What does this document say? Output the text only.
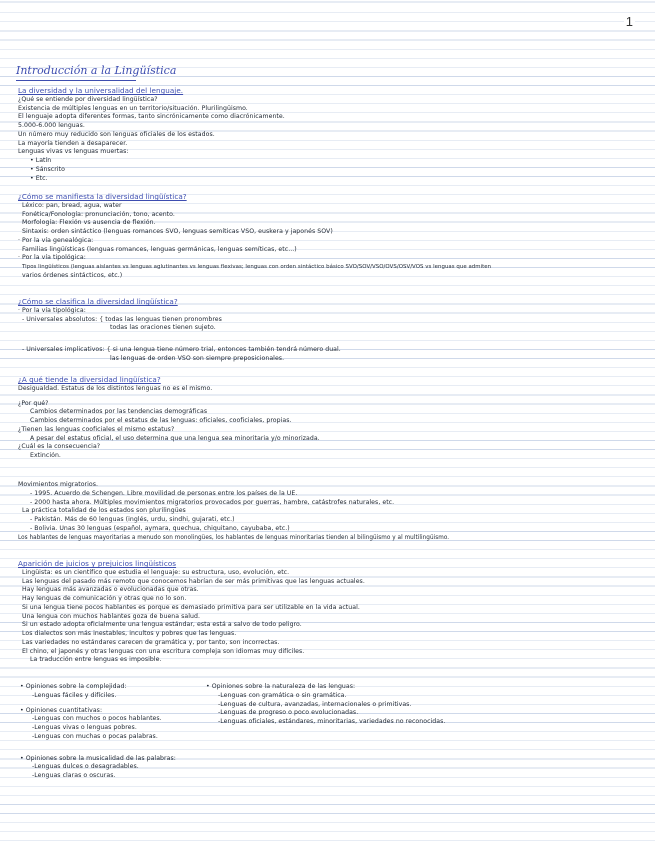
1
Introducción a la Lingüística
La diversidad y la universalidad del lenguaje.
¿Qué se entiende por diversidad lingüística?
Existencia de múltiples lenguas en un territorio/situación. Plurilingüismo.
El lenguaje adopta diferentes formas, tanto sincrónicamente como diacrónicamente.
5.000-6.000 lenguas.
Un número muy reducido son lenguas oficiales de los estados.
La mayoría tienden a desaparecer.
Lenguas vivas vs lenguas muertas:
• Latín
• Sánscrito
• Etc.
¿Cómo se manifiesta la diversidad lingüística?
Léxico: pan, bread, agua, water
Fonética/Fonología: pronunciación, tono, acento.
Morfología: Flexión vs ausencia de flexión.
Sintaxis: orden sintáctico (lenguas romances SVO, lenguas semíticas VSO, euskera y japonés SOV)
· Por la vía genealógica:
Familias lingüísticas (lenguas romances, lenguas germánicas, lenguas semíticas, etc...)
· Por la vía tipológica:
Tipos lingüísticos (lenguas aislantes vs lenguas aglutinantes vs lenguas flexivas; lenguas con orden sintáctico básico SVO/SOV/VSO/OVS/OSV/VOS vs lenguas que admiten
varios órdenes sintácticos, etc.)
¿Cómo se clasifica la diversidad lingüística?
· Por la vía tipológica:
- Universales absolutos: { todas las lenguas tienen pronombres
todas las oraciones tienen sujeto.
- Universales implicativos: { si una lengua tiene número trial, entonces también tendrá número dual.
las lenguas de orden VSO son siempre preposicionales.
¿A qué tiende la diversidad lingüística?
Desigualdad. Estatus de los distintos lenguas no es el mismo.
¿Por qué?
Cambios determinados por las tendencias demográficas
Cambios determinados por el estatus de las lenguas: oficiales, cooficiales, propias.
¿Tienen las lenguas cooficiales el mismo estatus?
A pesar del estatus oficial, el uso determina que una lengua sea minoritaria y/o minorizada.
¿Cuál es la consecuencia?
Extinción.
Movimientos migratorios.
- 1995. Acuerdo de Schengen. Libre movilidad de personas entre los países de la UE.
- 2000 hasta ahora. Múltiples movimientos migratorios provocados por guerras, hambre, catástrofes naturales, etc.
La práctica totalidad de los estados son plurilingües
- Pakistán. Más de 60 lenguas (inglés, urdu, sindhi, gujarati, etc.)
- Bolivia. Unas 30 lenguas (español, aymara, quechua, chiquitano, cayubaba, etc.)
Los hablantes de lenguas mayoritarias a menudo son monolingües, los hablantes de lenguas minoritarias tienden al bilingüismo y al multilingüismo.
Aparición de juicios y prejuicios lingüísticos
Lingüista: es un científico que estudia el lenguaje: su estructura, uso, evolución, etc.
Las lenguas del pasado más remoto que conocemos habrían de ser más primitivas que las lenguas actuales.
Hay lenguas más avanzadas o evolucionadas que otras.
Hay lenguas de comunicación y otras que no lo son.
Si una lengua tiene pocos hablantes es porque es demasiado primitiva para ser utilizable en la vida actual.
Una lengua con muchos hablantes goza de buena salud.
Si un estado adopta oficialmente una lengua estándar, esta está a salvo de todo peligro.
Los dialectos son más inestables, incultos y pobres que las lenguas.
Las variedades no estándares carecen de gramática y, por tanto, son incorrectas.
El chino, el japonés y otras lenguas con una escritura compleja son idiomas muy difíciles.
La traducción entre lenguas es imposible.
• Opiniones sobre la complejidad:
-Lenguas fáciles y difíciles.
• Opiniones cuantitativas:
-Lenguas con muchos o pocos hablantes.
-Lenguas vivas o lenguas pobres.
-Lenguas con muchas o pocas palabras.
• Opiniones sobre la musicalidad de las palabras:
-Lenguas dulces o desagradables.
-Lenguas claras o oscuras.
• Opiniones sobre la naturaleza de las lenguas:
-Lenguas con gramática o sin gramática.
-Lenguas de cultura, avanzadas, internacionales o primitivas.
-Lenguas de progreso o poco evolucionadas.
-Lenguas oficiales, estándares, minoritarias, variedades no reconocidas.
